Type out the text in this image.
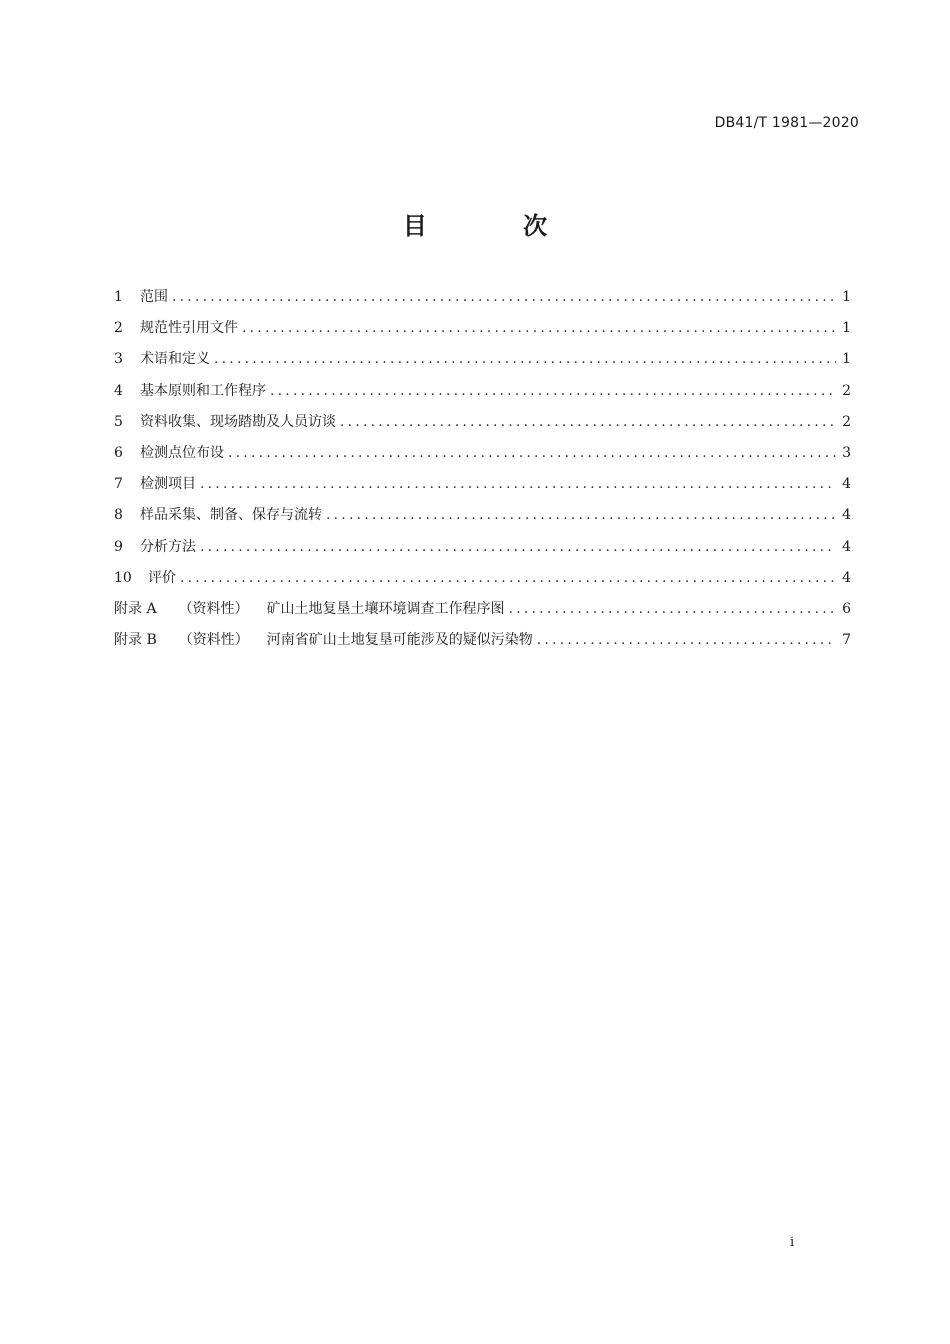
DB41/T 1981—2020
目 次
1	范围 .....	1
2	规范性引用文件 .....	1
3	术语和定义 .....	1
4	基本原则和工作程序 .....	2
5	资料收集、现场踏勘及人员访谈 .....	2
6	检测点位布设 .....	3
7	检测项目 .....	4
8	样品采集、制备、保存与流转 .....	4
9	分析方法 .....	4
10	评价 .....	4
附录 A （资料性） 矿山土地复垦土壤环境调查工作程序图 .....	6
附录 B （资料性） 河南省矿山土地复垦可能涉及的疑似污染物 .....	7
i
